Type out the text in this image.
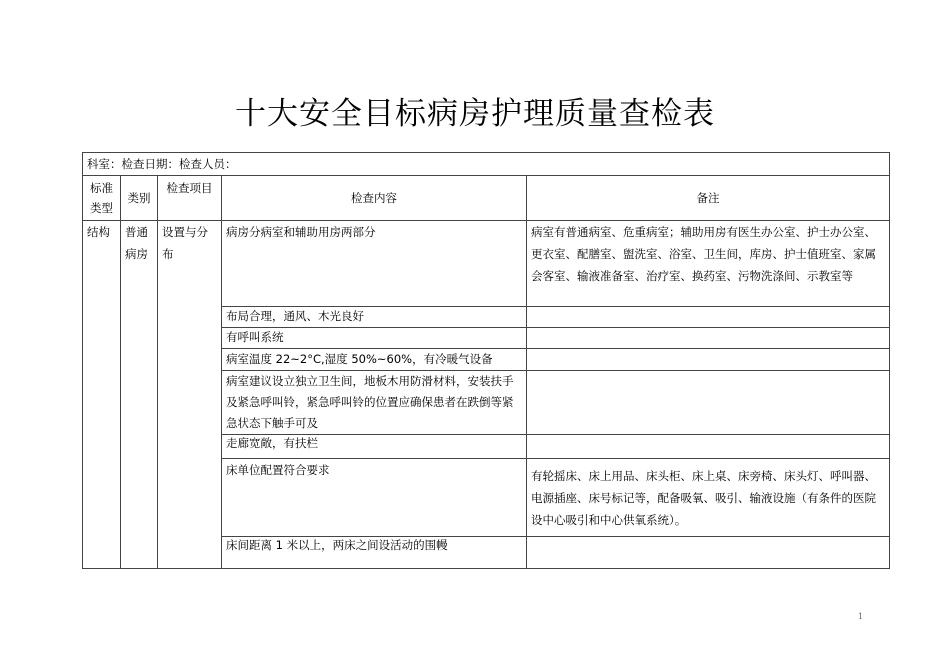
十大安全目标病房护理质量查检表
科室：检查日期：检查人员：				
标准类型	类别	检查项目	检查内容	备注
结构	普通病房	设置与分布	病房分病室和辅助用房两部分	病室有普通病室、危重病室；辅助用房有医生办公室、护士办公室、更衣室、配膳室、盥洗室、浴室、卫生间，库房、护士值班室、家属会客室、输液准备室、治疗室、换药室、污物洗涤间、示教室等
			布局合理，通风、木光良好	
			有呼叫系统	
			病室温度 22~2°C,湿度 50%~60%，有冷暖气设备	
			病室建议设立独立卫生间，地板木用防滑材料，安装扶手及紧急呼叫铃，紧急呼叫铃的位置应确保患者在跌倒等紧急状态下触手可及	
			走廊宽敞，有扶栏	
			床单位配置符合要求	有轮摇床、床上用品、床头柜、床上桌、床旁椅、床头灯、呼叫器、电源插座、床号标记等，配备吸氧、吸引、输液设施（有条件的医院设中心吸引和中心供氧系统）。
			床间距离 1 米以上，两床之间设活动的围幔	
1
